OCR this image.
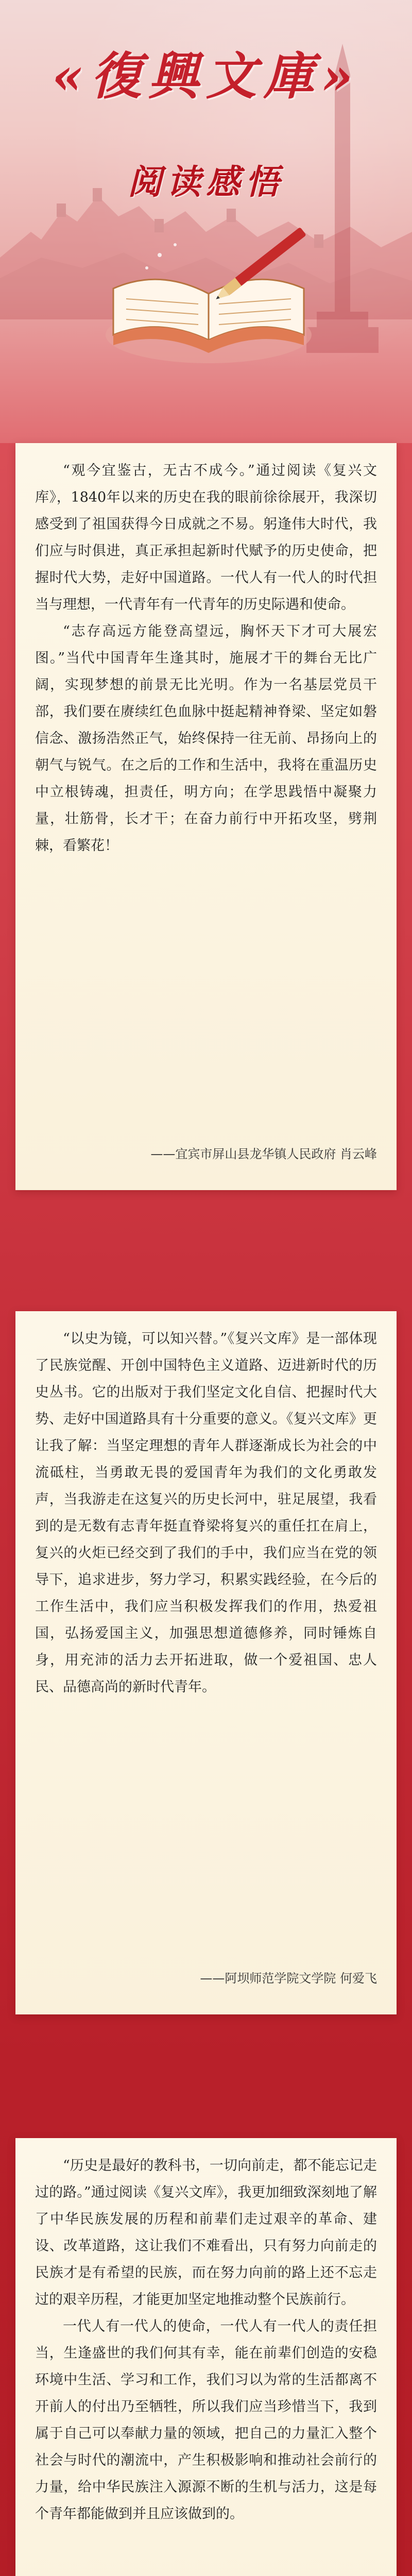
«復興文庫»
阅读感悟

“观今宜鉴古，无古不成今。”通过阅读《复兴文库》，1840年以来的历史在我的眼前徐徐展开，我深切感受到了祖国获得今日成就之不易。躬逢伟大时代，我们应与时俱进，真正承担起新时代赋予的历史使命，把握时代大势，走好中国道路。一代人有一代人的时代担当与理想，一代青年有一代青年的历史际遇和使命。

“志存高远方能登高望远，胸怀天下才可大展宏图。”当代中国青年生逢其时，施展才干的舞台无比广阔，实现梦想的前景无比光明。作为一名基层党员干部，我们要在赓续红色血脉中挺起精神脊梁、坚定如磐信念、激扬浩然正气，始终保持一往无前、昂扬向上的朝气与锐气。在之后的工作和生活中，我将在重温历史中立根铸魂，担责任，明方向；在学思践悟中凝聚力量，壮筋骨，长才干；在奋力前行中开拓攻坚，劈荆棘，看繁花！

——宜宾市屏山县龙华镇人民政府 肖云峰

“以史为镜，可以知兴替。”《复兴文库》是一部体现了民族觉醒、开创中国特色主义道路、迈进新时代的历史丛书。它的出版对于我们坚定文化自信、把握时代大势、走好中国道路具有十分重要的意义。《复兴文库》更让我了解：当坚定理想的青年人群逐渐成长为社会的中流砥柱，当勇敢无畏的爱国青年为我们的文化勇敢发声，当我游走在这复兴的历史长河中，驻足展望，我看到的是无数有志青年挺直脊梁将复兴的重任扛在肩上，复兴的火炬已经交到了我们的手中，我们应当在党的领导下，追求进步，努力学习，积累实践经验，在今后的工作生活中，我们应当积极发挥我们的作用，热爱祖国，弘扬爱国主义，加强思想道德修养，同时锤炼自身，用充沛的活力去开拓进取，做一个爱祖国、忠人民、品德高尚的新时代青年。

——阿坝师范学院文学院 何爱飞

“历史是最好的教科书，一切向前走，都不能忘记走过的路。”通过阅读《复兴文库》，我更加细致深刻地了解了中华民族发展的历程和前辈们走过艰辛的革命、建设、改革道路，这让我们不难看出，只有努力向前走的民族才是有希望的民族，而在努力向前的路上还不忘走过的艰辛历程，才能更加坚定地推动整个民族前行。

一代人有一代人的使命，一代人有一代人的责任担当，生逢盛世的我们何其有幸，能在前辈们创造的安稳环境中生活、学习和工作，我们习以为常的生活都离不开前人的付出乃至牺牲，所以我们应当珍惜当下，我到属于自己可以奉献力量的领域，把自己的力量汇入整个社会与时代的潮流中，产生积极影响和推动社会前行的力量，给中华民族注入源源不断的生机与活力，这是每个青年都能做到并且应该做到的。
